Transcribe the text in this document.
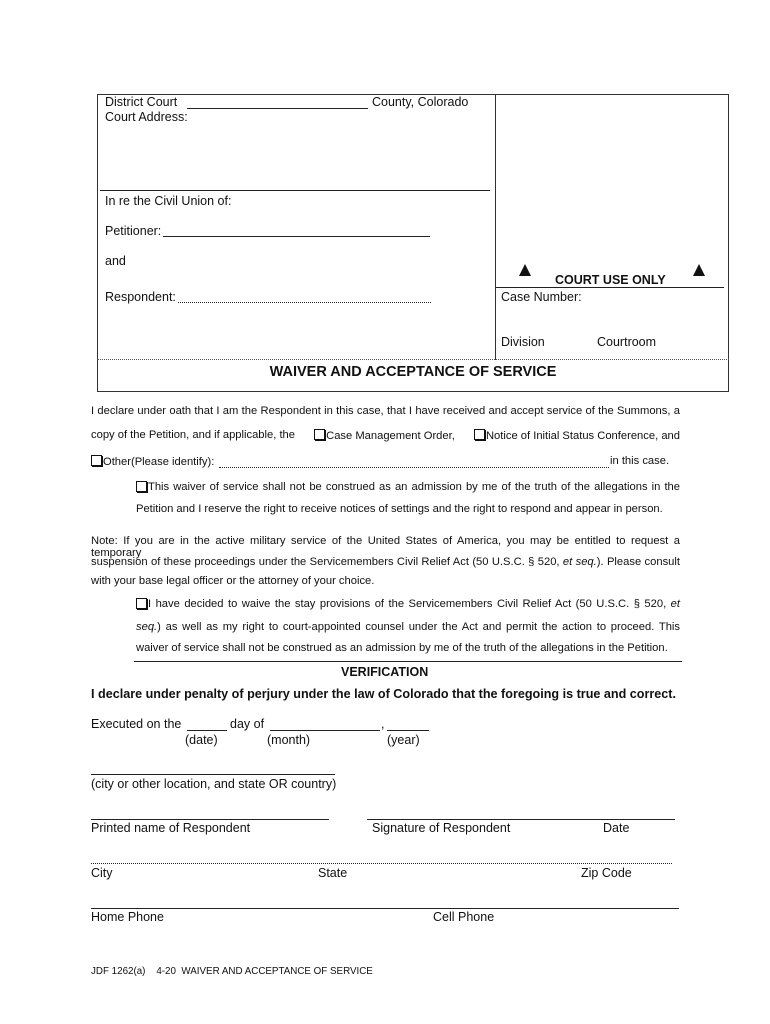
District Court	County, Colorado
Court Address:
In re the Civil Union of:
Petitioner:
and
Respondent:
COURT USE ONLY
Case Number:
Division	Courtroom
WAIVER AND ACCEPTANCE OF SERVICE
I declare under oath that I am the Respondent in this case, that I have received and accept service of the Summons, a
copy of the Petition, and if applicable, the	Case Management Order,	Notice of Initial Status Conference, and
Other(Please identify):	in this case.
This waiver of service shall not be construed as an admission by me of the truth of the allegations in the
Petition and I reserve the right to receive notices of settings and the right to respond and appear in person.
Note: If you are in the active military service of the United States of America, you may be entitled to request a temporary
suspension of these proceedings under the Servicemembers Civil Relief Act (50 U.S.C. § 520, et seq.). Please consult
with your base legal officer or the attorney of your choice.
I have decided to waive the stay provisions of the Servicemembers Civil Relief Act (50 U.S.C. § 520, et
seq.) as well as my right to court-appointed counsel under the Act and permit the action to proceed. This
waiver of service shall not be construed as an admission by me of the truth of the allegations in the Petition.
VERIFICATION
I declare under penalty of perjury under the law of Colorado that the foregoing is true and correct.
Executed on the	day of	,
(date)	(month)	(year)
(city or other location, and state OR country)
Printed name of Respondent	Signature of Respondent	Date
City	State	Zip Code
Home Phone	Cell Phone
JDF 1262(a)    4-20  WAIVER AND ACCEPTANCE OF SERVICE
